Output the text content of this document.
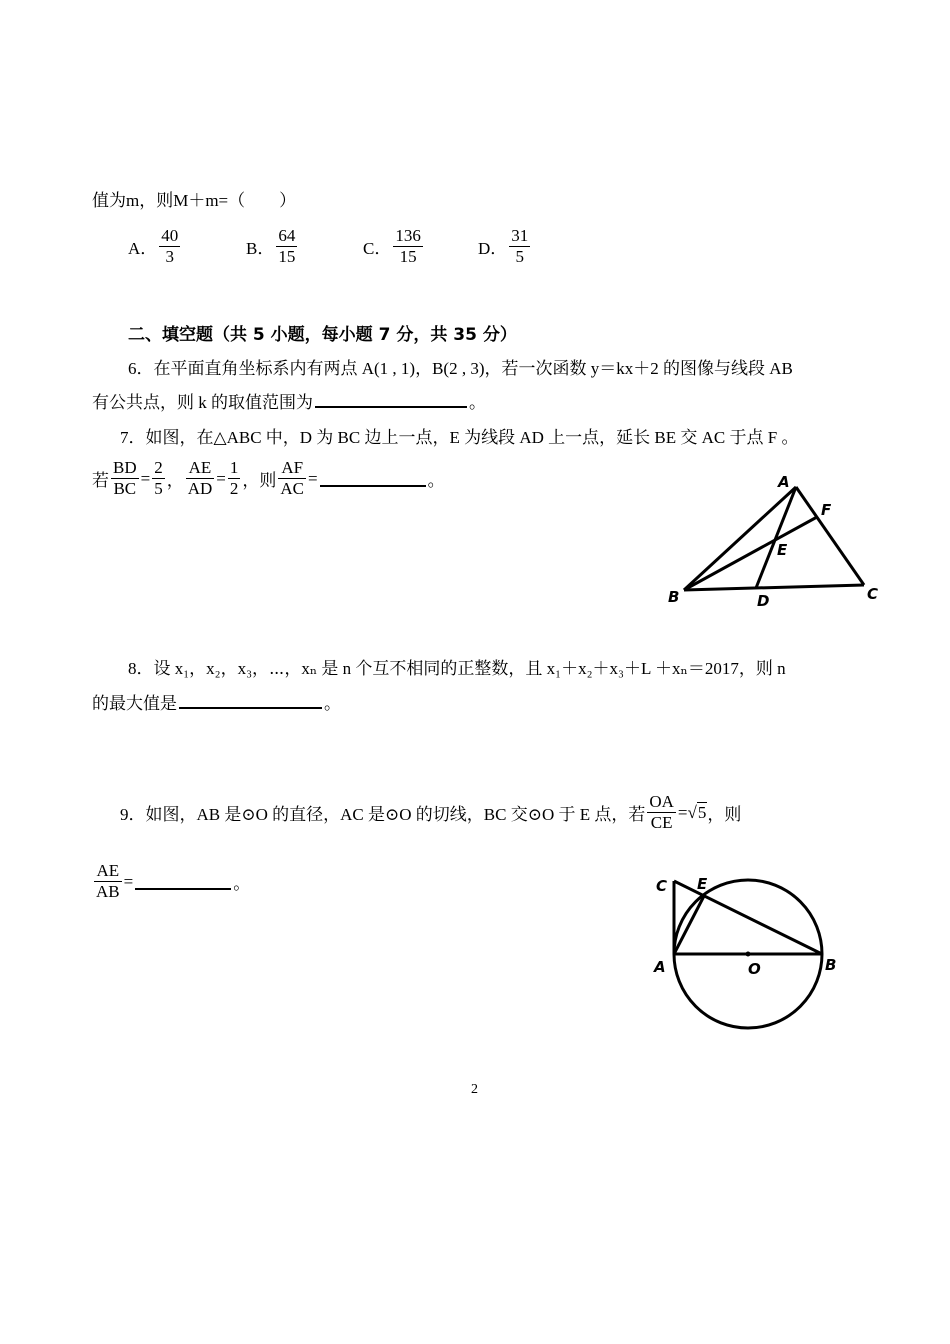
值为m，则M＋m=（　　）
A． $\frac{40}{3}$	B． $\frac{64}{15}$	C． $\frac{136}{15}$	D． $\frac{31}{5}$
二、填空题（共 5 小题，每小题 7 分，共 35 分）
6．在平面直角坐标系内有两点 A(1 , 1)，B(2 , 3)，若一次函数 y＝kx＋2 的图像与线段 AB
有公共点，则 k 的取值范围为	。
7．如图，在△ABC 中，D 为 BC 边上一点，E 为线段 AD 上一点，延长 BE 交 AC 于点 F 。
若 $\frac{BD}{BC} = \frac{2}{5}$ ， $\frac{AE}{AD} = \frac{1}{2}$ ，则 $\frac{AF}{AC}$ =	。	A
B	C
D
E
F
8．设 x₁，x₂，x₃，⋯，xₙ 是 n 个互不相同的正整数，且 x₁＋x₂＋x₃＋L ＋xₙ＝2017，则 n
的最大值是	。
9．如图，AB 是⊙O 的直径，AC 是⊙O 的切线，BC 交⊙O 于 E 点，若 $\frac{OA}{CE} = √5$ ，则
$\frac{AE}{AB}$ =	。	C E
A	O	B
2
